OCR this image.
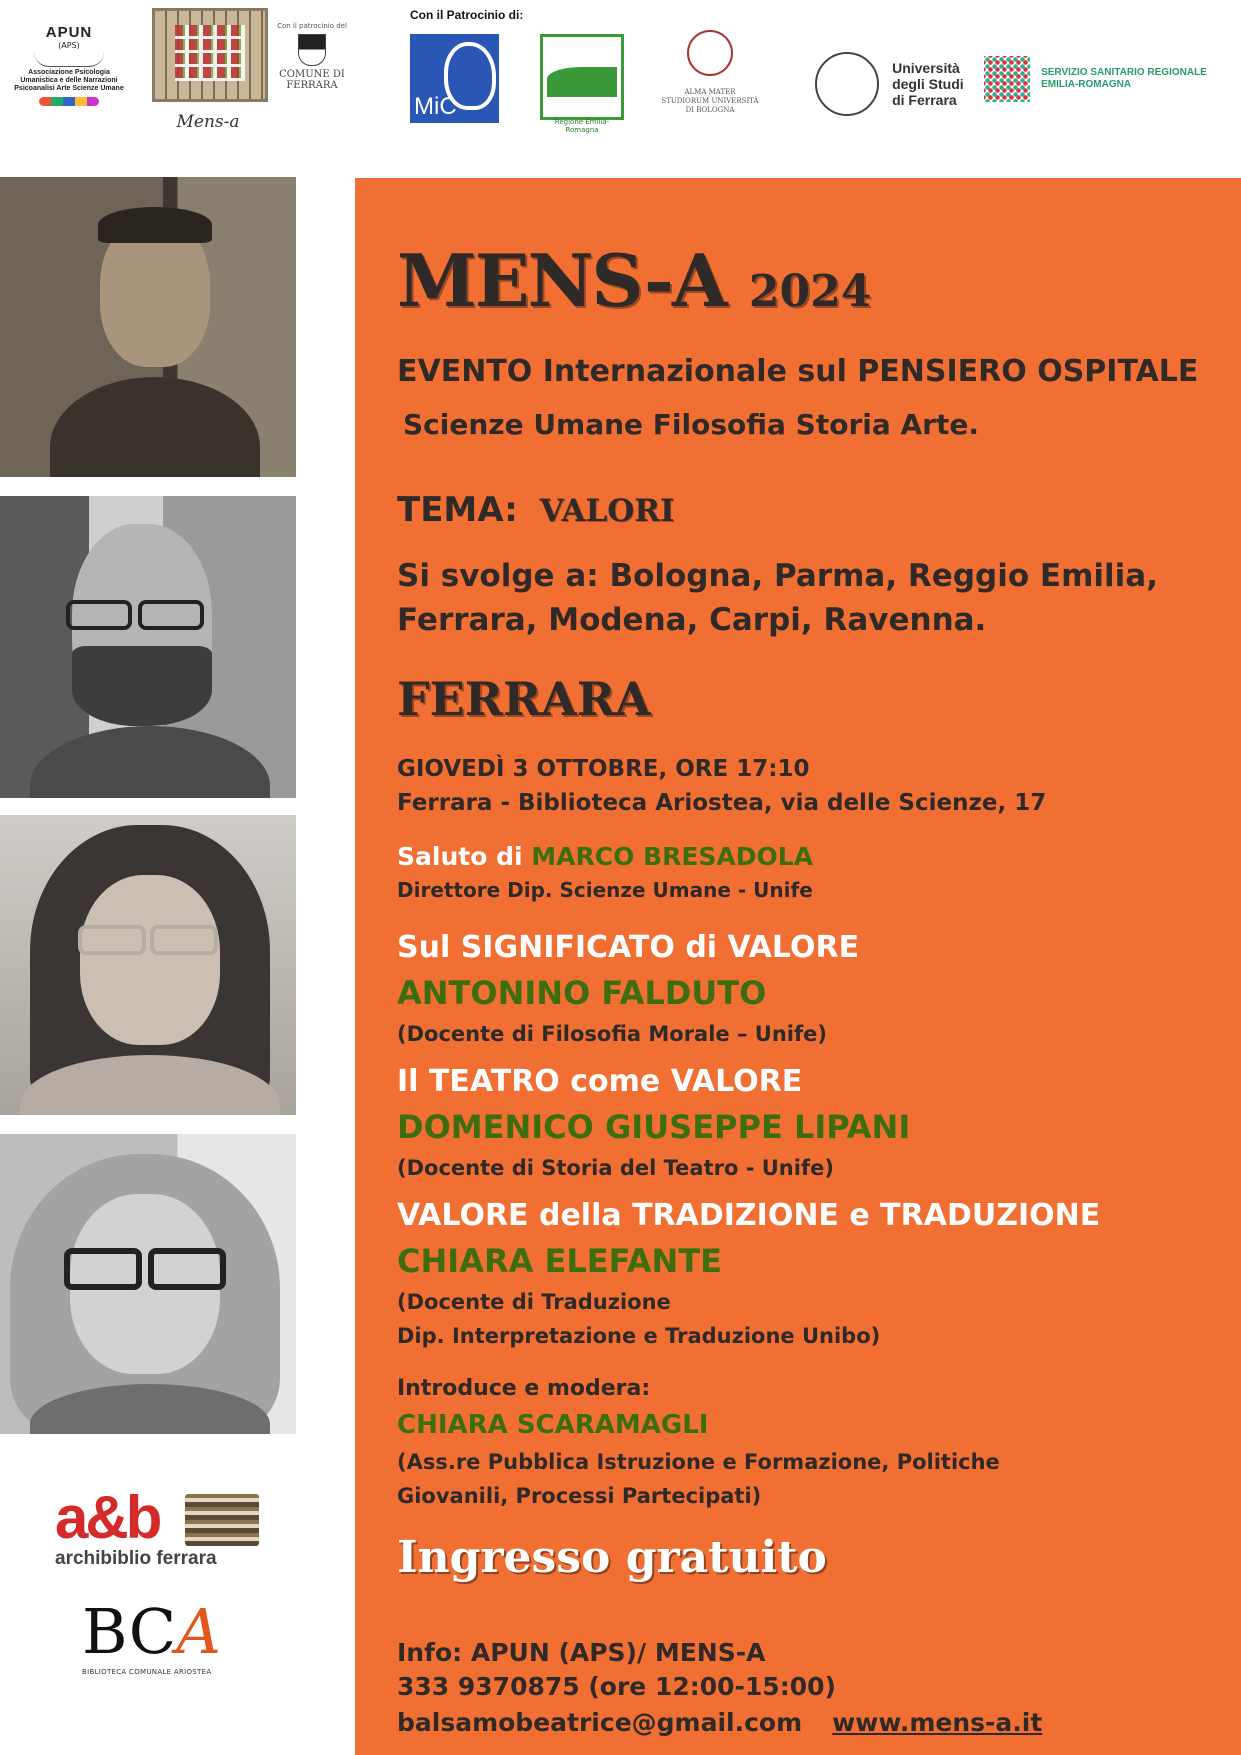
APUN
(APS)
Associazione Psicologia Umanistica e delle Narrazioni Psicoanalisi Arte Scienze Umane
Mens-a
Con il patrocinio del
COMUNE DI FERRARA
Con il Patrocinio di:
MiC
Regione Emilia-Romagna
ALMA MATER STUDIORUM UNIVERSITÀ DI BOLOGNA

Università
degli Studi
di Ferrara

SERVIZIO SANITARIO REGIONALE
EMILIA-ROMAGNA
a&b
archibiblio ferrara
BCA
BIBLIOTECA COMUNALE ARIOSTEA
MENS-A 2024
EVENTO Internazionale sul PENSIERO OSPITALE
Scienze Umane Filosofia Storia Arte.
TEMA: VALORI
Si svolge a: Bologna, Parma, Reggio Emilia,
Ferrara, Modena, Carpi, Ravenna.
FERRARA
GIOVEDÌ 3 OTTOBRE, ORE 17:10
Ferrara - Biblioteca Ariostea, via delle Scienze, 17
Saluto di MARCO BRESADOLA
Direttore Dip. Scienze Umane - Unife
Sul SIGNIFICATO di VALORE
ANTONINO FALDUTO
(Docente di Filosofia Morale – Unife)
Il TEATRO come VALORE
DOMENICO GIUSEPPE LIPANI
(Docente di Storia del Teatro - Unife)
VALORE della TRADIZIONE e TRADUZIONE
CHIARA ELEFANTE
(Docente di Traduzione
Dip. Interpretazione e Traduzione Unibo)
Introduce e modera:
CHIARA SCARAMAGLI
(Ass.re Pubblica Istruzione e Formazione, Politiche
Giovanili, Processi Partecipati)
Ingresso gratuito
Info: APUN (APS)/ MENS-A
333 9370875 (ore 12:00-15:00)
balsamobeatrice@gmail.com www.mens-a.it
